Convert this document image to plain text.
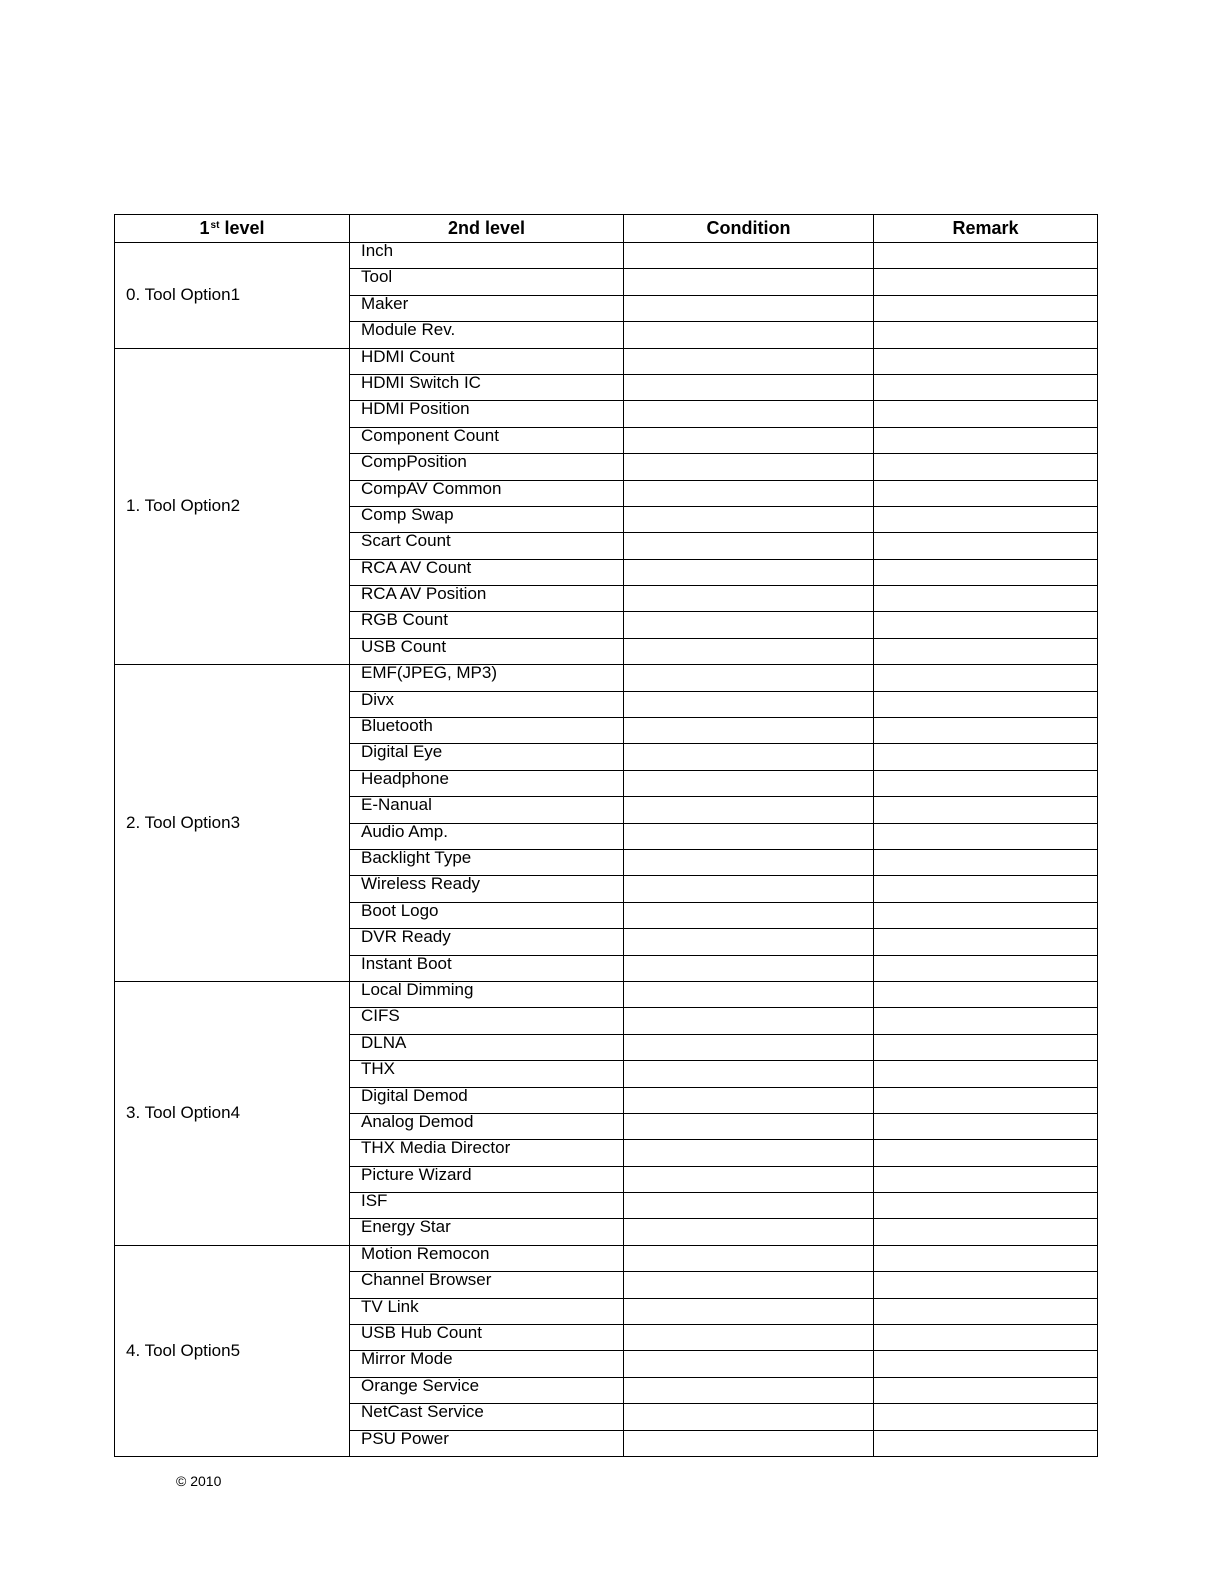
1st level	2nd level	Condition	Remark
0. Tool Option1	Inch		
	Tool		
	Maker		
	Module Rev.		
1. Tool Option2	HDMI Count		
	HDMI Switch IC		
	HDMI Position		
	Component Count		
	CompPosition		
	CompAV Common		
	Comp Swap		
	Scart Count		
	RCA AV Count		
	RCA AV Position		
	RGB Count		
	USB Count		
2. Tool Option3	EMF(JPEG, MP3)		
	Divx		
	Bluetooth		
	Digital Eye		
	Headphone		
	E-Nanual		
	Audio Amp.		
	Backlight Type		
	Wireless Ready		
	Boot Logo		
	DVR Ready		
	Instant Boot		
3. Tool Option4	Local Dimming		
	CIFS		
	DLNA		
	THX		
	Digital Demod		
	Analog Demod		
	THX Media Director		
	Picture Wizard		
	ISF		
	Energy Star		
4. Tool Option5	Motion Remocon		
	Channel Browser		
	TV Link		
	USB Hub Count		
	Mirror Mode		
	Orange Service		
	NetCast Service		
	PSU Power		
© 2010
